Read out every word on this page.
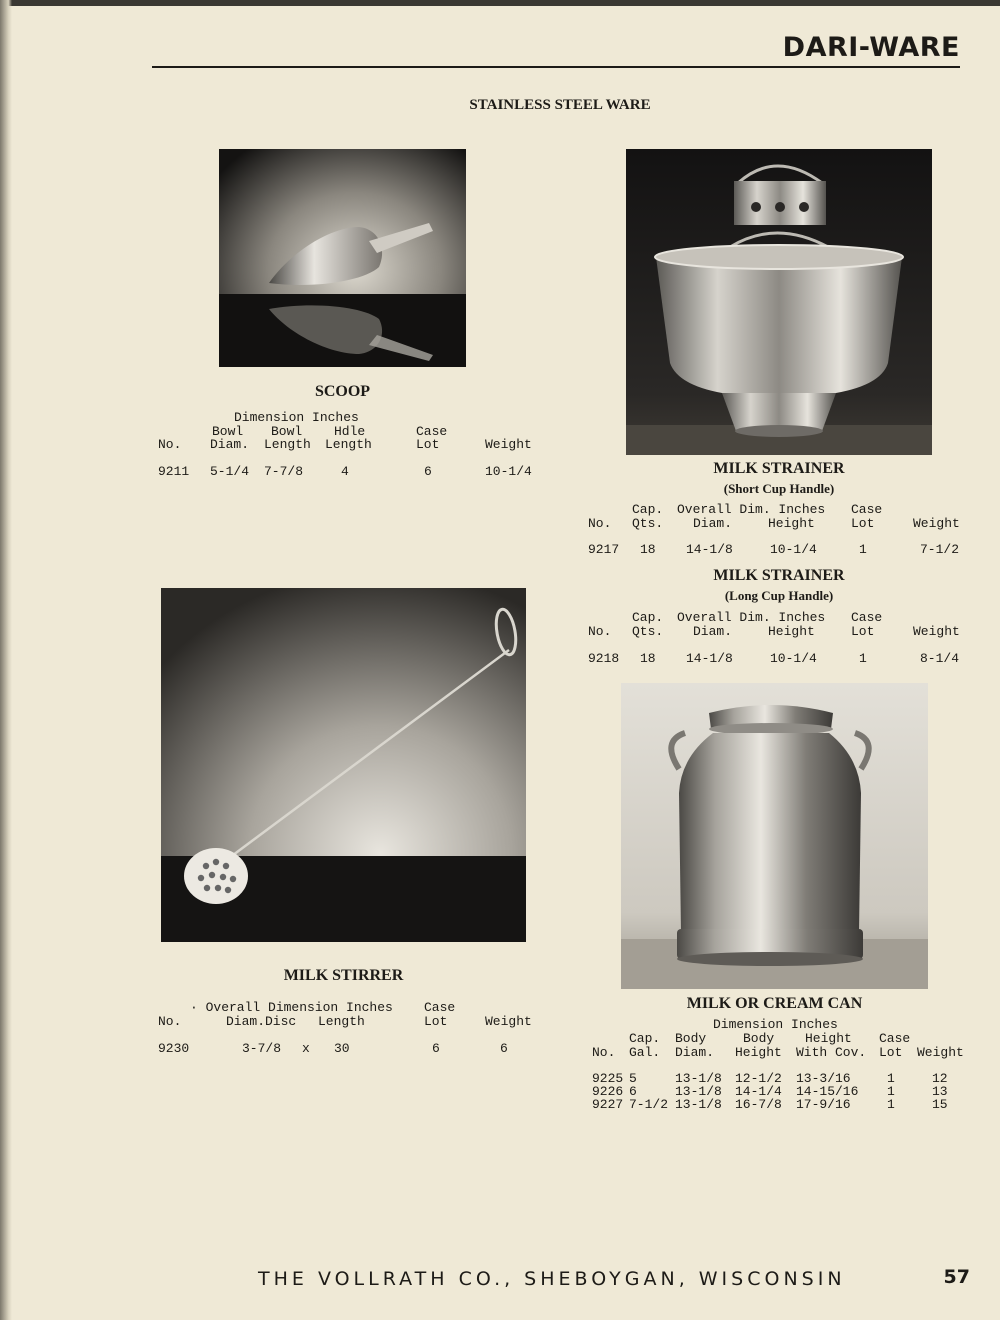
DARI-WARE
STAINLESS STEEL WARE
SCOOP
Dimension Inches
Bowl Bowl Hdle	Case
No. Diam. Length Length	Lot	Weight
9211 5-1/4 7-7/8	4	6	10-1/4
MILK STIRRER
· Overall Dimension Inches Case
No.	Diam.Disc Length	Lot	Weight
9230	3-7/8 x 30	6	6
MILK STRAINER
(Short Cup Handle)
Cap. Overall Dim. Inches Case
No. Qts. Diam.	Height	Lot	Weight
9217 18 14-1/8	10-1/4	1	7-1/2
MILK STRAINER
(Long Cup Handle)
Cap. Overall Dim. Inches Case
No. Qts. Diam.	Height	Lot	Weight
9218 18 14-1/8	10-1/4	1	8-1/4
MILK OR CREAM CAN
Dimension Inches
Cap. Body	Body Height Case
No. Gal. Diam. Height With Cov. Lot Weight
9225 5	13-1/8 12-1/2 13-3/16	1	12
9226 6	13-1/8 14-1/4 14-15/16 1	13
9227 7-1/2 13-1/8 16-7/8 17-9/16	1	15
THE VOLLRATH CO., SHEBOYGAN, WISCONSIN	57
